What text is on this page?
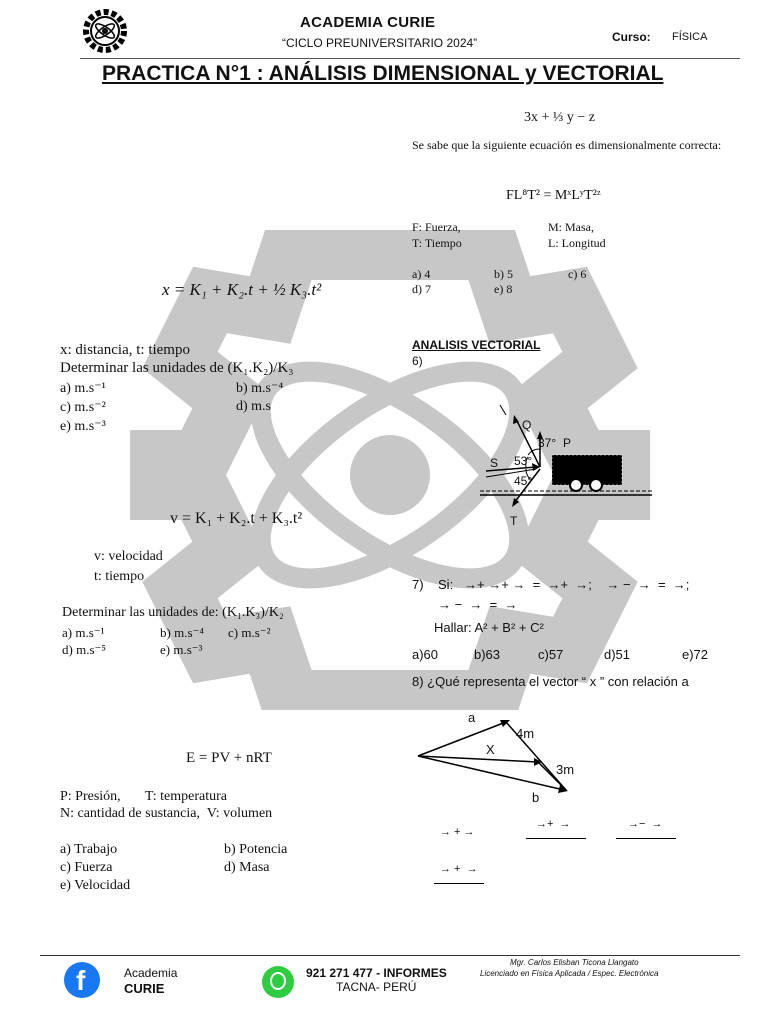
ACADEMIA CURIE
“CICLO PREUNIVERSITARIO 2024”	Curso: FÍSICA
PRACTICA N°1 : ANÁLISIS DIMENSIONAL y VECTORIAL
x = K₁ + K₂.t + ½ K₃.t²
x: distancia, t: tiempo
Determinar las unidades de (K₁.K₂)/K₃
a) m.s⁻¹	b) m.s⁻⁴
c) m.s⁻²	d) m.s
e) m.s⁻³
v = K₁ + K₂.t + K₃.t²
v: velocidad
t: tiempo
Determinar las unidades de: (K₁.K₃)/K₂
a) m.s⁻¹	b) m.s⁻⁴ c) m.s⁻²
d) m.s⁻⁵	e) m.s⁻³
E = PV + nRT
P: Presión,       T: temperatura
N: cantidad de sustancia,  V: volumen
a) Trabajo	b) Potencia
c) Fuerza	d) Masa
e) Velocidad
3x + ⅓ y − z
Se sabe que la siguiente ecuación es dimensionalmente correcta:
FL⁸T² = MˣLʸT²ᶻ
F: Fuerza,	M: Masa,
T: Tiempo	L: Longitud
a) 4	b) 5	c) 6
d) 7	e) 8
ANALISIS VECTORIAL
6)
Q
P
S
T
37°
53°
45°
7)    Si:   →+ →+ →  =  →+  →;    → −  →  =  →;
→ −  →  =  →
Hallar: A² + B² + C²
a)60	b)63	c)57	d)51	e)72
8) ¿Qué representa el vector “ x ” con relación a
a
X
b
4m
3m
→ + →
→+  →	→−  →
→ +  →
f	Academia
CURIE
921 271 477 - INFORMES
TACNA- PERÚ
Mgr. Carlos Elisban Ticona Llangato
Licenciado en Física Aplicada / Espec. Electrónica
